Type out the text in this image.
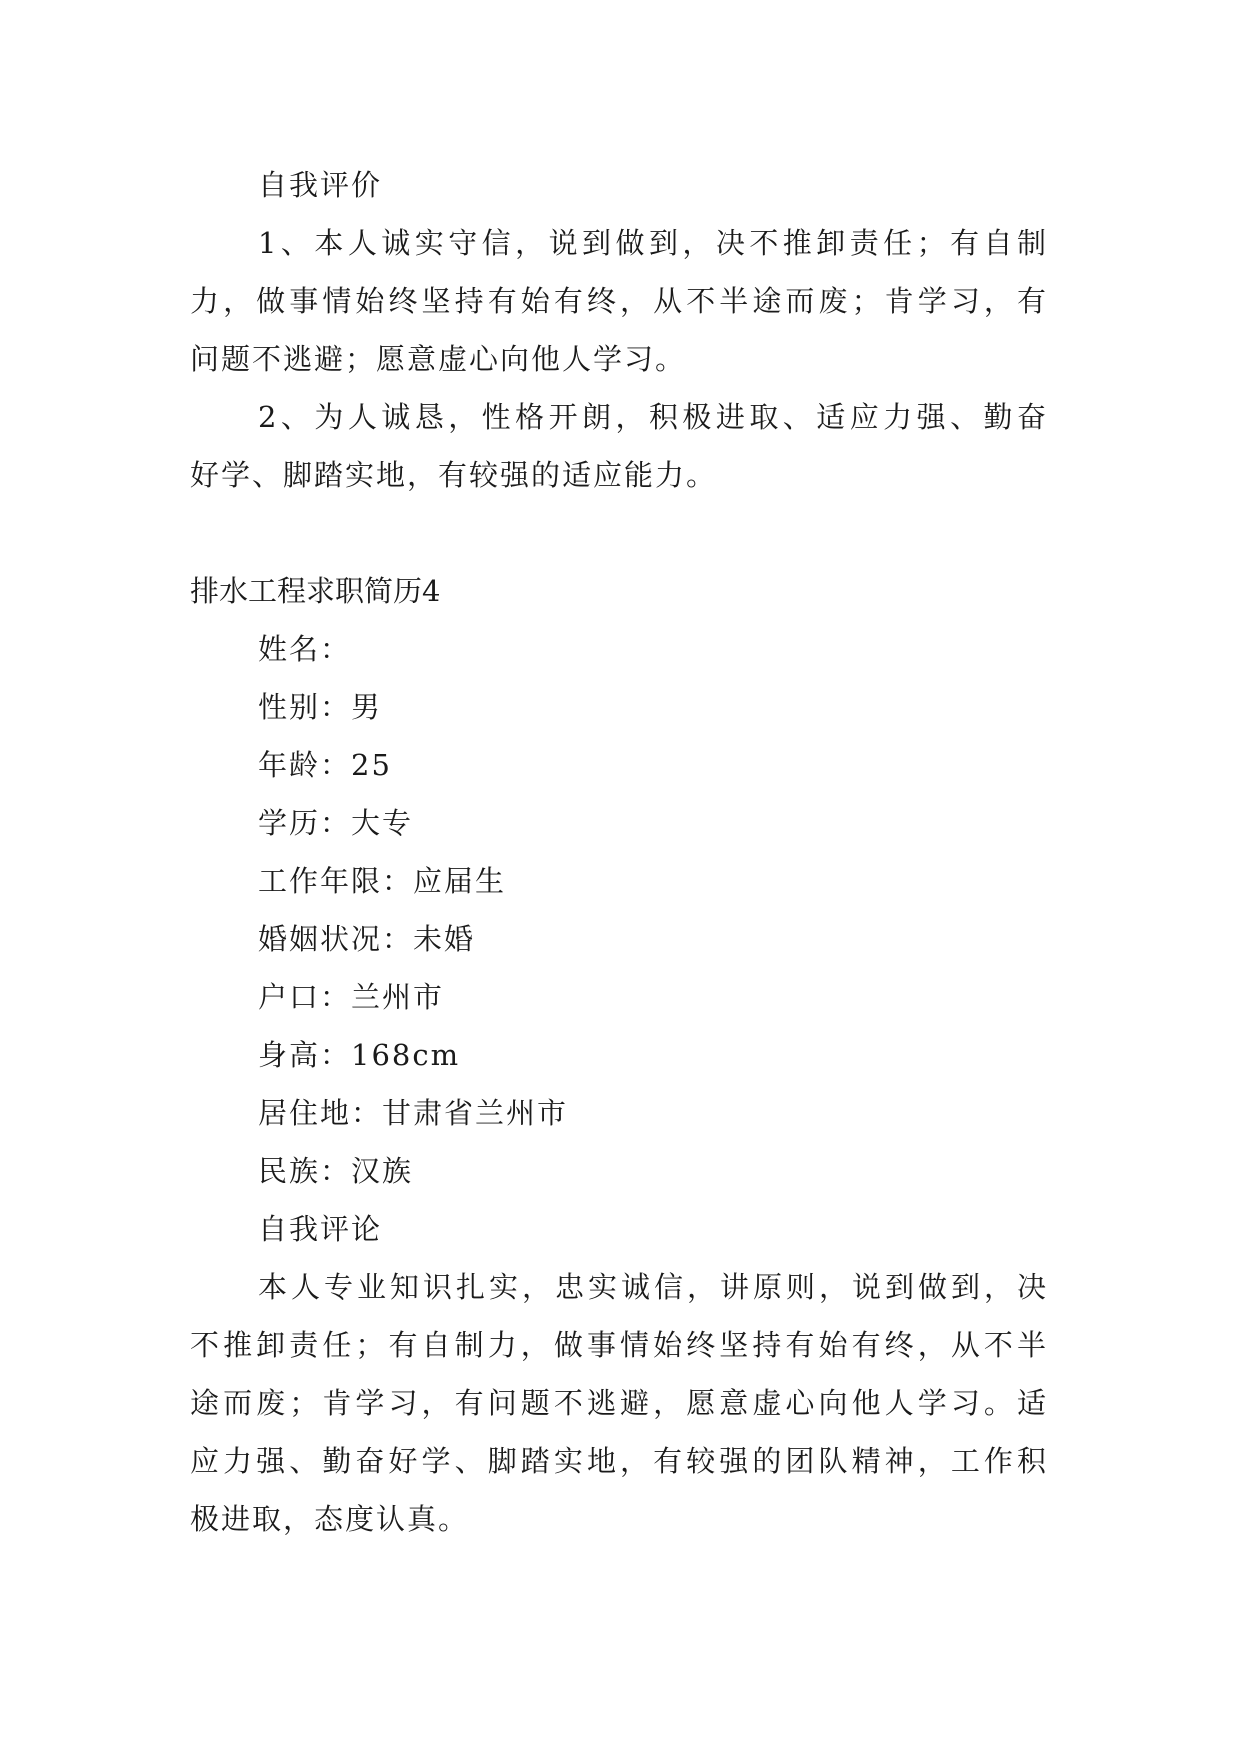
自我评价
1、本人诚实守信，说到做到，决不推卸责任；有自制
力，做事情始终坚持有始有终，从不半途而废；肯学习，有
问题不逃避；愿意虚心向他人学习。
2、为人诚恳，性格开朗，积极进取、适应力强、勤奋
好学、脚踏实地，有较强的适应能力。
排水工程求职简历4
姓名：
性别：男
年龄：25
学历：大专
工作年限：应届生
婚姻状况：未婚
户口：兰州市
身高：168cm
居住地：甘肃省兰州市
民族：汉族
自我评论
本人专业知识扎实，忠实诚信，讲原则，说到做到，决
不推卸责任；有自制力，做事情始终坚持有始有终，从不半
途而废；肯学习，有问题不逃避，愿意虚心向他人学习。适
应力强、勤奋好学、脚踏实地，有较强的团队精神，工作积
极进取，态度认真。
